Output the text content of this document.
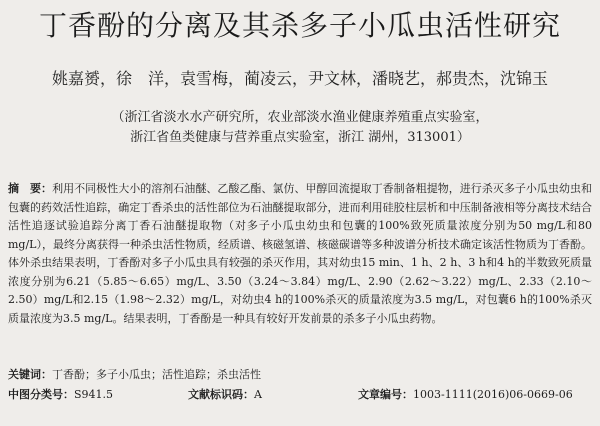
丁香酚的分离及其杀多子小瓜虫活性研究
姚嘉赟，徐　洋，袁雪梅，蔺凌云，尹文林，潘晓艺，郝贵杰，沈锦玉
（浙江省淡水水产研究所，农业部淡水渔业健康养殖重点实验室，
浙江省鱼类健康与营养重点实验室，浙江 湖州，313001）
摘　要：利用不同极性大小的溶剂石油醚、乙酸乙酯、氯仿、甲醇回流提取丁香制备粗提物，进行杀灭多子小瓜虫幼虫和包囊的药效活性追踪，确定丁香杀虫的活性部位为石油醚提取部分，进而利用硅胶柱层析和中压制备液相等分离技术结合活性追逐试验追踪分离丁香石油醚提取物（对多子小瓜虫幼虫和包囊的100%致死质量浓度分别为50 mg/L和80 mg/L），最终分离获得一种杀虫活性物质，经质谱、核磁氢谱、核磁碳谱等多种波谱分析技术确定该活性物质为丁香酚。体外杀虫结果表明，丁香酚对多子小瓜虫具有较强的杀灭作用，其对幼虫15 min、1 h、2 h、3 h和4 h的半数致死质量浓度分别为6.21（5.85～6.65）mg/L、3.50（3.24～3.84）mg/L、2.90（2.62～3.22）mg/L、2.33（2.10～2.50）mg/L和2.15（1.98～2.32）mg/L，对幼虫4 h的100%杀灭的质量浓度为3.5 mg/L，对包囊6 h的100%杀灭质量浓度为3.5 mg/L。结果表明，丁香酚是一种具有较好开发前景的杀多子小瓜虫药物。
关键词：丁香酚；多子小瓜虫；活性追踪；杀虫活性
中图分类号：S941.5	文献标识码：A	文章编号：1003-1111(2016)06-0669-06
